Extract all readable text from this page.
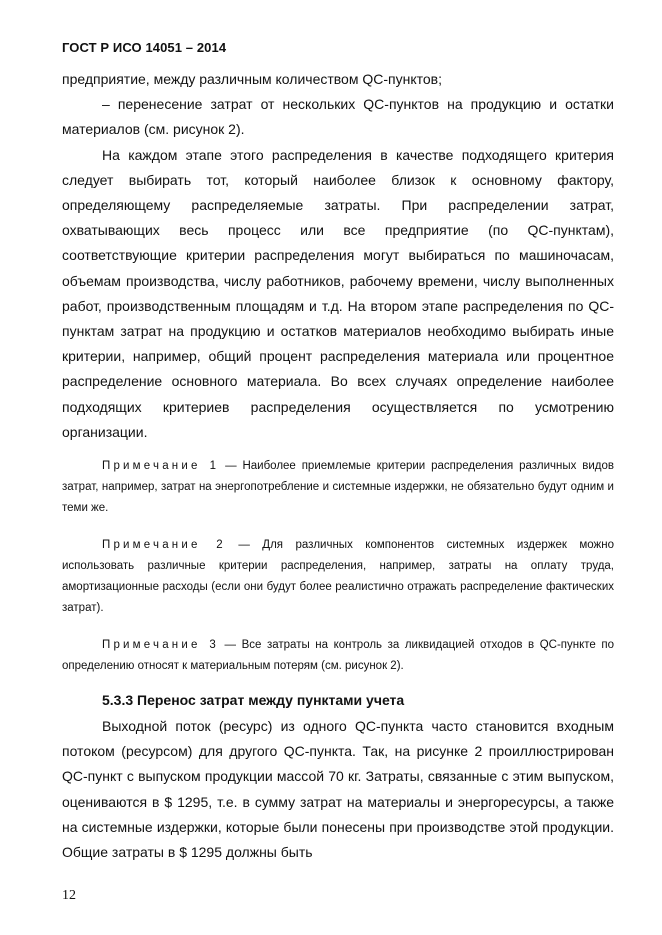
ГОСТ Р ИСО 14051 – 2014

предприятие, между различным количеством QC-пунктов;

– перенесение затрат от нескольких QC-пунктов на продукцию и остатки материалов (см. рисунок 2).

На каждом этапе этого распределения в качестве подходящего критерия следует выбирать тот, который наиболее близок к основному фактору, определяющему распределяемые затраты. При распределении затрат, охватывающих весь процесс или все предприятие (по QC-пунктам), соответствующие критерии распределения могут выбираться по машиночасам, объемам производства, числу работников, рабочему времени, числу выполненных работ, производственным площадям и т.д. На втором этапе распределения по QC-пунктам затрат на продукцию и остатков материалов необходимо выбирать иные критерии, например, общий процент распределения материала или процентное распределение основного материала. Во всех случаях определение наиболее подходящих критериев распределения осуществляется по усмотрению организации.

Примечание 1 — Наиболее приемлемые критерии распределения различных видов затрат, например, затрат на энергопотребление и системные издержки, не обязательно будут одним и теми же.

Примечание 2 — Для различных компонентов системных издержек можно использовать различные критерии распределения, например, затраты на оплату труда, амортизационные расходы (если они будут более реалистично отражать распределение фактических затрат).

Примечание 3 — Все затраты на контроль за ликвидацией отходов в QC-пункте по определению относят к материальным потерям (см. рисунок 2).

5.3.3 Перенос затрат между пунктами учета

Выходной поток (ресурс) из одного QC-пункта часто становится входным потоком (ресурсом) для другого QC-пункта. Так, на рисунке 2 проиллюстрирован QC-пункт с выпуском продукции массой 70 кг. Затраты, связанные с этим выпуском, оцениваются в $ 1295, т.е. в сумму затрат на материалы и энергоресурсы, а также на системные издержки, которые были понесены при производстве этой продукции. Общие затраты в $ 1295 должны быть

12
